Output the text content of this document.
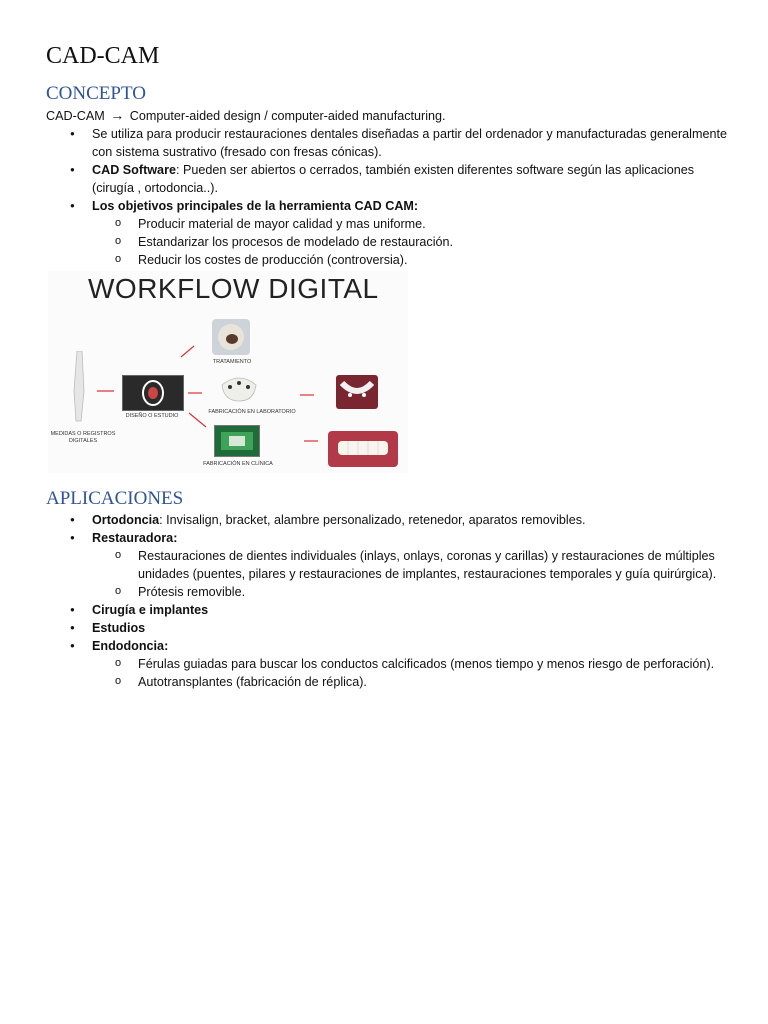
CAD-CAM
CONCEPTO

CAD-CAM → Computer-aided design / computer-aided manufacturing.

● Se utiliza para producir restauraciones dentales diseñadas a partir del ordenador y manufacturadas generalmente con sistema sustrativo (fresado con fresas cónicas).
● CAD Software: Pueden ser abiertos o cerrados, también existen diferentes software según las aplicaciones (cirugía , ortodoncia..).
● Los objetivos principales de la herramienta CAD CAM:
o Producir material de mayor calidad y mas uniforme.
o Estandarizar los procesos de modelado de restauración.
o Reducir los costes de producción (controversia).
WORKFLOW DIGITAL
MEDIDAS O REGISTROS
DIGITALES
DISEÑO O ESTUDIO
TRATAMIENTO
FABRICACIÓN EN LABORATORIO
FABRICACIÓN EN CLÍNICA
APLICACIONES
● Ortodoncia: Invisalign, bracket, alambre personalizado, retenedor, aparatos removibles.
● Restauradora:
o Restauraciones de dientes individuales (inlays, onlays, coronas y carillas) y restauraciones de múltiples unidades (puentes, pilares y restauraciones de implantes, restauraciones temporales y guía quirúrgica).
o Prótesis removible.
● Cirugía e implantes
● Estudios
● Endodoncia:
o Férulas guiadas para buscar los conductos calcificados (menos tiempo y menos riesgo de perforación).
o Autotransplantes (fabricación de réplica).
